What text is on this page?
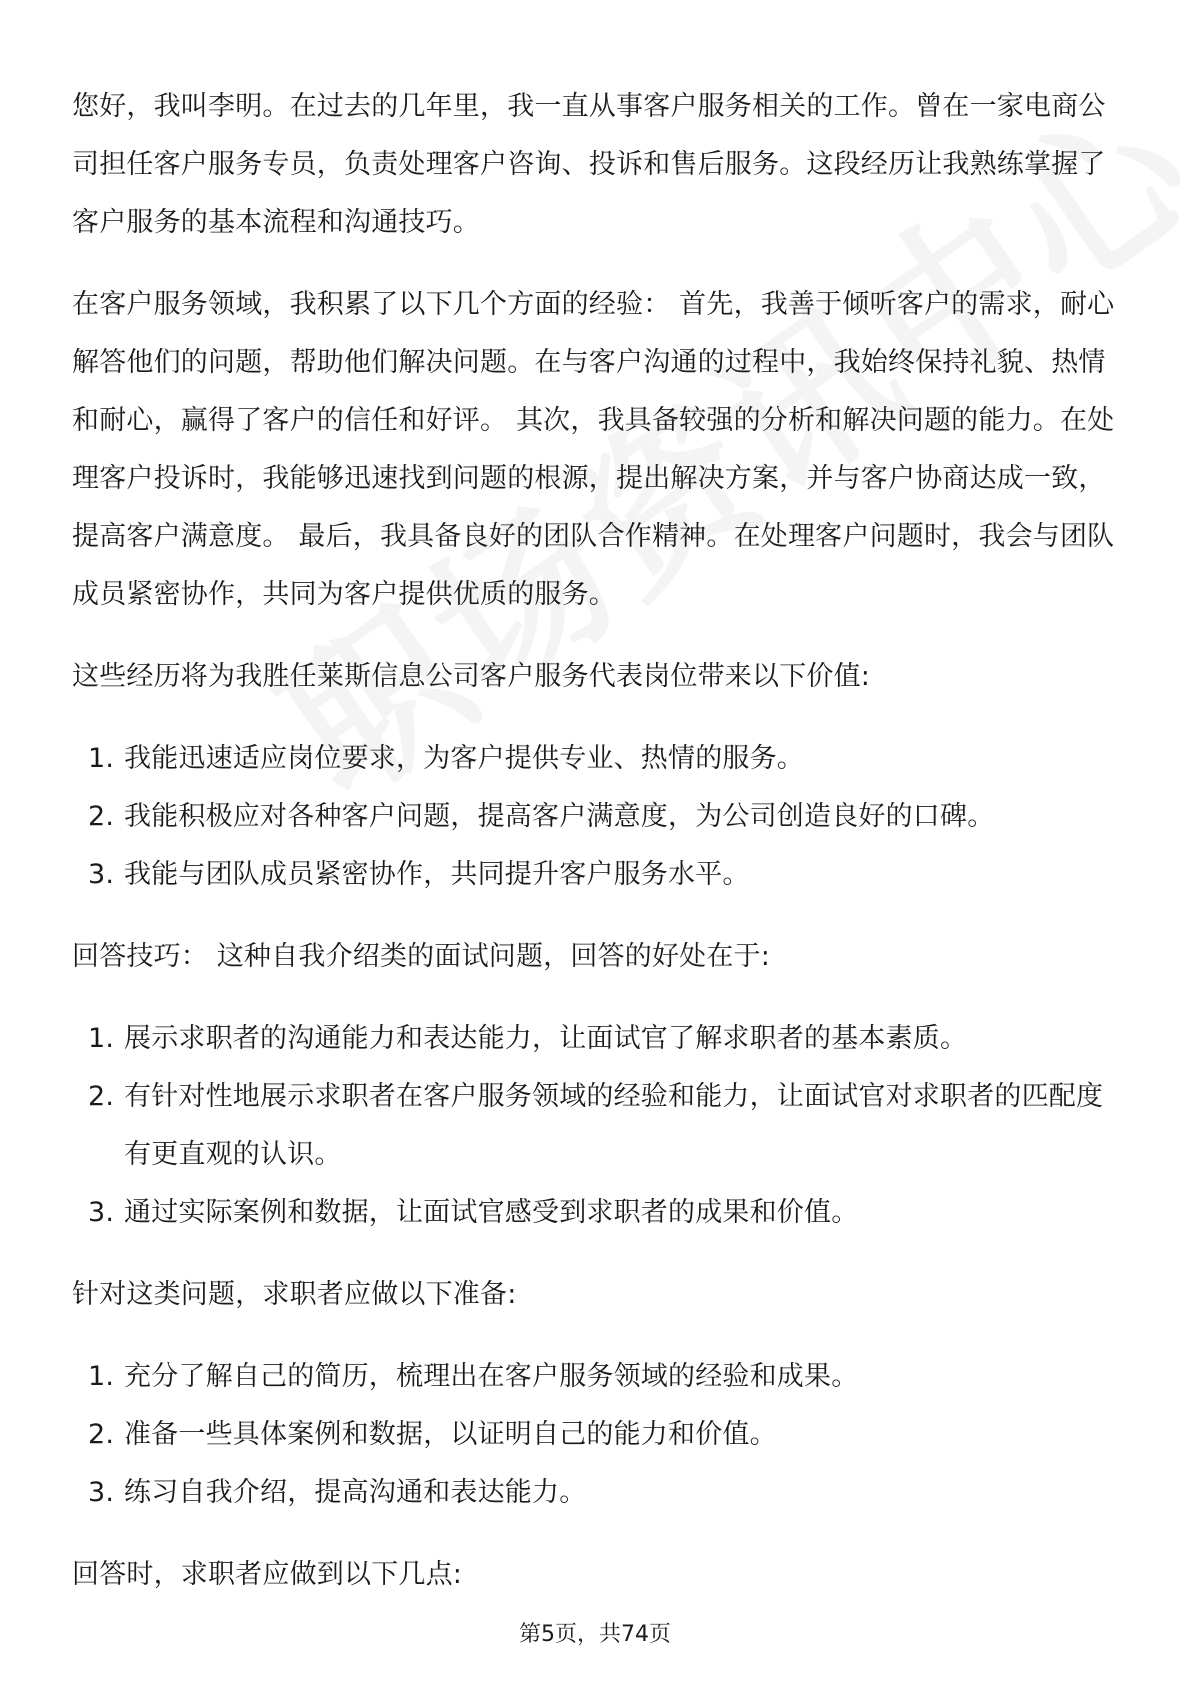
您好，我叫李明。在过去的几年里，我一直从事客户服务相关的工作。曾在一家电商公司担任客户服务专员，负责处理客户咨询、投诉和售后服务。这段经历让我熟练掌握了客户服务的基本流程和沟通技巧。

在客户服务领域，我积累了以下几个方面的经验： 首先，我善于倾听客户的需求，耐心解答他们的问题，帮助他们解决问题。在与客户沟通的过程中，我始终保持礼貌、热情和耐心，赢得了客户的信任和好评。 其次，我具备较强的分析和解决问题的能力。在处理客户投诉时，我能够迅速找到问题的根源，提出解决方案，并与客户协商达成一致，提高客户满意度。 最后，我具备良好的团队合作精神。在处理客户问题时，我会与团队成员紧密协作，共同为客户提供优质的服务。

这些经历将为我胜任莱斯信息公司客户服务代表岗位带来以下价值:

1. 我能迅速适应岗位要求，为客户提供专业、热情的服务。
2. 我能积极应对各种客户问题，提高客户满意度，为公司创造良好的口碑。
3. 我能与团队成员紧密协作，共同提升客户服务水平。

回答技巧： 这种自我介绍类的面试问题，回答的好处在于:

1. 展示求职者的沟通能力和表达能力，让面试官了解求职者的基本素质。
2. 有针对性地展示求职者在客户服务领域的经验和能力，让面试官对求职者的匹配度有更直观的认识。
3. 通过实际案例和数据，让面试官感受到求职者的成果和价值。

针对这类问题，求职者应做以下准备:

1. 充分了解自己的简历，梳理出在客户服务领域的经验和成果。
2. 准备一些具体案例和数据，以证明自己的能力和价值。
3. 练习自我介绍，提高沟通和表达能力。

回答时，求职者应做到以下几点:

第5页，共74页
